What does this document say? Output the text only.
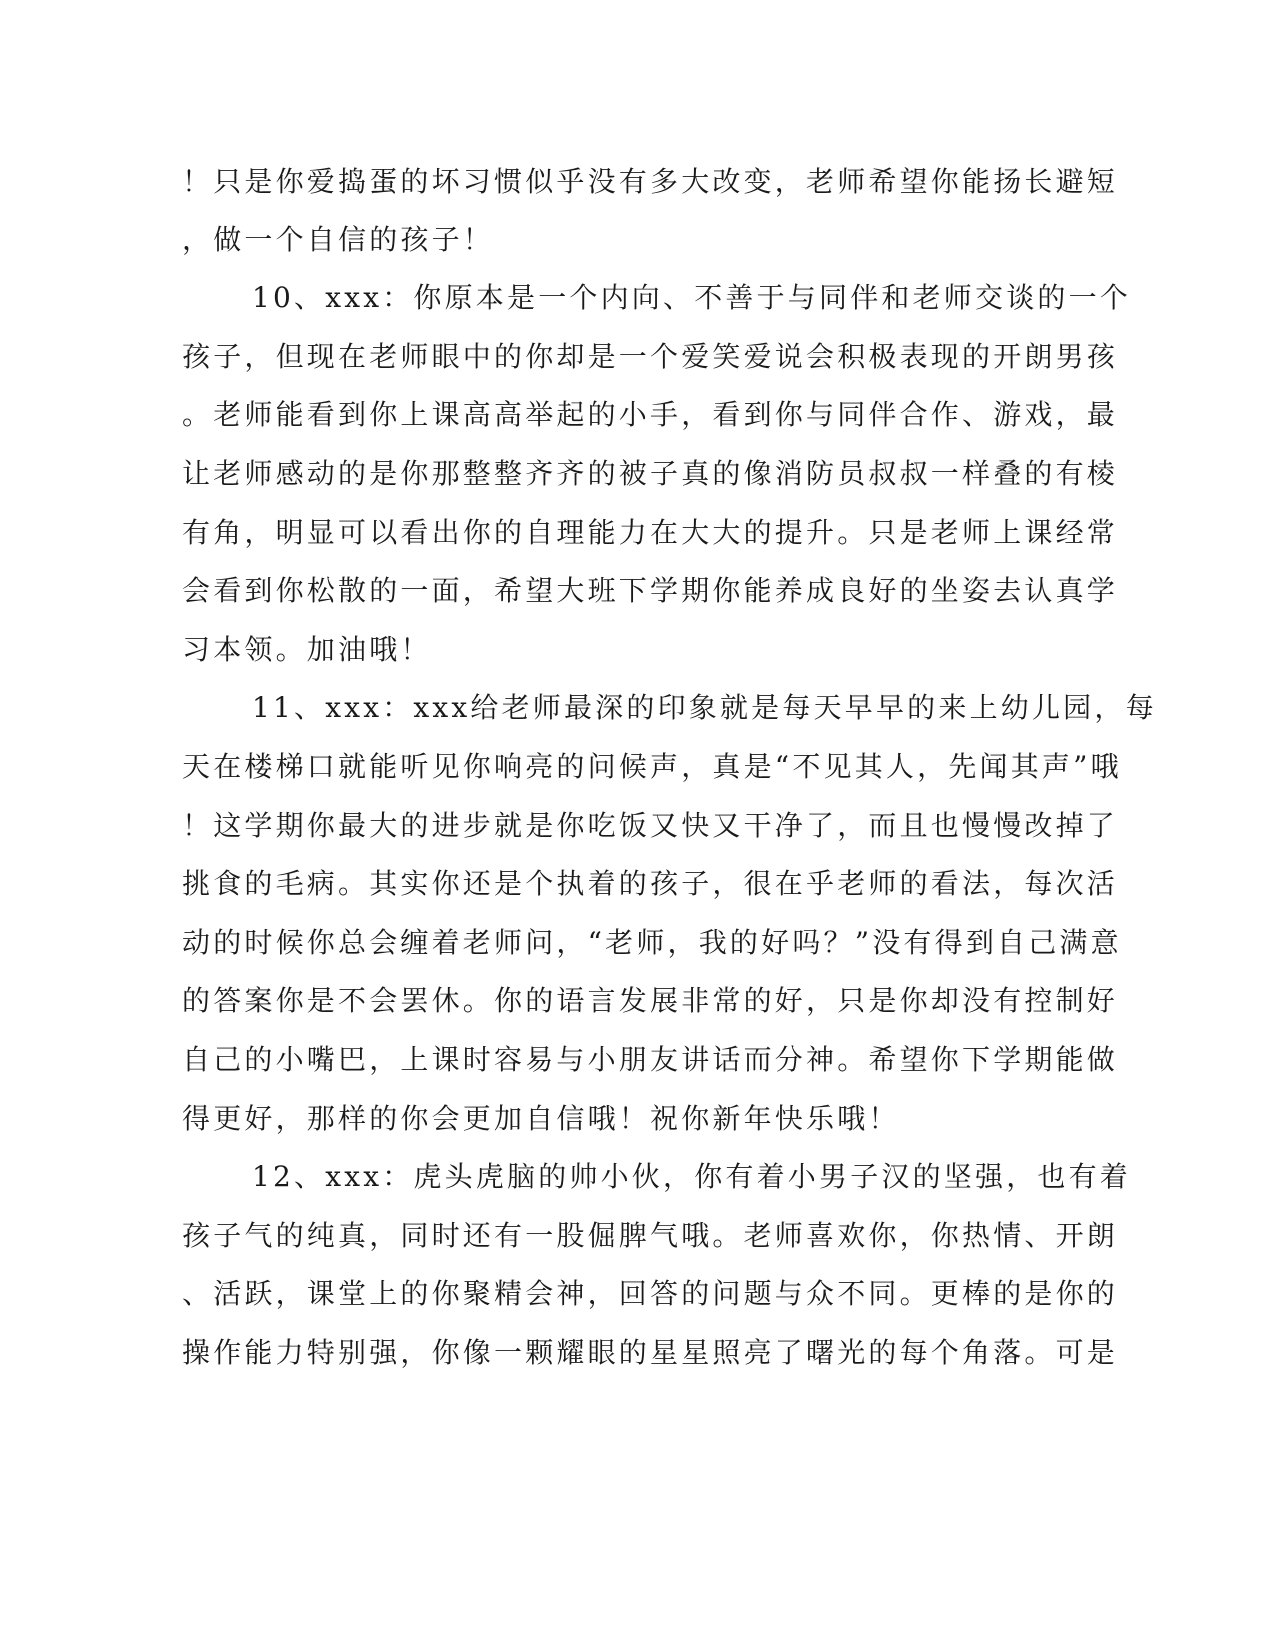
！只是你爱捣蛋的坏习惯似乎没有多大改变，老师希望你能扬长避短
，做一个自信的孩子！
10、xxx：你原本是一个内向、不善于与同伴和老师交谈的一个
孩子，但现在老师眼中的你却是一个爱笑爱说会积极表现的开朗男孩
。老师能看到你上课高高举起的小手，看到你与同伴合作、游戏，最
让老师感动的是你那整整齐齐的被子真的像消防员叔叔一样叠的有棱
有角，明显可以看出你的自理能力在大大的提升。只是老师上课经常
会看到你松散的一面，希望大班下学期你能养成良好的坐姿去认真学
习本领。加油哦！
11、xxx：xxx给老师最深的印象就是每天早早的来上幼儿园，每
天在楼梯口就能听见你响亮的问候声，真是“不见其人，先闻其声”哦
！这学期你最大的进步就是你吃饭又快又干净了，而且也慢慢改掉了
挑食的毛病。其实你还是个执着的孩子，很在乎老师的看法，每次活
动的时候你总会缠着老师问，“老师，我的好吗？”没有得到自己满意
的答案你是不会罢休。你的语言发展非常的好，只是你却没有控制好
自己的小嘴巴，上课时容易与小朋友讲话而分神。希望你下学期能做
得更好，那样的你会更加自信哦！祝你新年快乐哦！
12、xxx：虎头虎脑的帅小伙，你有着小男子汉的坚强，也有着
孩子气的纯真，同时还有一股倔脾气哦。老师喜欢你，你热情、开朗
、活跃，课堂上的你聚精会神，回答的问题与众不同。更棒的是你的
操作能力特别强，你像一颗耀眼的星星照亮了曙光的每个角落。可是
